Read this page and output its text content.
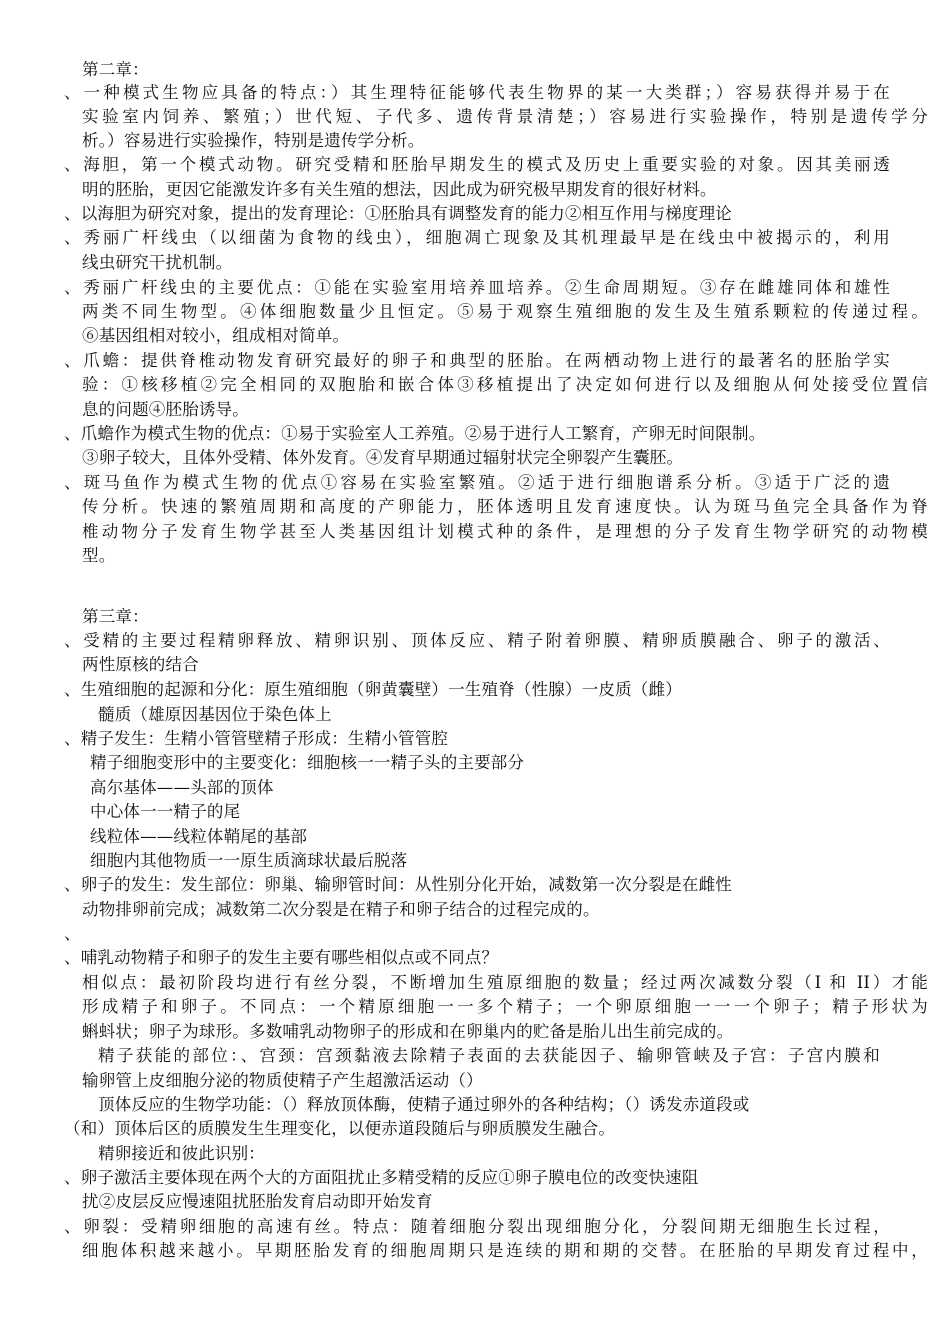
第二章：
、一种模式生物应具备的特点：）其生理特征能够代表生物界的某一大类群；）容易获得并易于在
实验室内饲养、繁殖；）世代短、子代多、遗传背景清楚；）容易进行实验操作，特别是遗传学分
析。）容易进行实验操作，特别是遗传学分析。
、海胆，第一个模式动物。研究受精和胚胎早期发生的模式及历史上重要实验的对象。因其美丽透
明的胚胎，更因它能激发许多有关生殖的想法，因此成为研究极早期发育的很好材料。
、以海胆为研究对象，提出的发育理论：①胚胎具有调整发育的能力②相互作用与梯度理论
、秀丽广杆线虫（以细菌为食物的线虫），细胞凋亡现象及其机理最早是在线虫中被揭示的，利用
线虫研究干扰机制。
、秀丽广杆线虫的主要优点：①能在实验室用培养皿培养。②生命周期短。③存在雌雄同体和雄性
两类不同生物型。④体细胞数量少且恒定。⑤易于观察生殖细胞的发生及生殖系颗粒的传递过程。
⑥基因组相对较小，组成相对简单。
、爪蟾：提供脊椎动物发育研究最好的卵子和典型的胚胎。在两栖动物上进行的最著名的胚胎学实
验：①核移植②完全相同的双胞胎和嵌合体③移植提出了决定如何进行以及细胞从何处接受位置信
息的问题④胚胎诱导。
、爪蟾作为模式生物的优点：①易于实验室人工养殖。②易于进行人工繁育，产卵无时间限制。
③卵子较大，且体外受精、体外发育。④发育早期通过辐射状完全卵裂产生囊胚。
、斑马鱼作为模式生物的优点①容易在实验室繁殖。②适于进行细胞谱系分析。③适于广泛的遗
传分析。快速的繁殖周期和高度的产卵能力，胚体透明且发育速度快。认为斑马鱼完全具备作为脊
椎动物分子发育生物学甚至人类基因组计划模式种的条件，是理想的分子发育生物学研究的动物模
型。
第三章：
、受精的主要过程精卵释放、精卵识别、顶体反应、精子附着卵膜、精卵质膜融合、卵子的激活、
两性原核的结合
、生殖细胞的起源和分化：原生殖细胞（卵黄囊壁）一生殖脊（性腺）一皮质（雌）
髓质（雄原因基因位于染色体上
、精子发生：生精小管管壁精子形成：生精小管管腔
精子细胞变形中的主要变化：细胞核一一精子头的主要部分
高尔基体——头部的顶体
中心体一一精子的尾
线粒体——线粒体鞘尾的基部
细胞内其他物质一一原生质滴球状最后脱落
、卵子的发生：发生部位：卵巢、输卵管时间：从性别分化开始，减数第一次分裂是在雌性
动物排卵前完成；减数第二次分裂是在精子和卵子结合的过程完成的。
、
、哺乳动物精子和卵子的发生主要有哪些相似点或不同点？
相似点：最初阶段均进行有丝分裂，不断增加生殖原细胞的数量；经过两次减数分裂（I 和 II）才能
形成精子和卵子。不同点：一个精原细胞一一多个精子；一个卵原细胞一一一个卵子；精子形状为
蝌蚪状；卵子为球形。多数哺乳动物卵子的形成和在卵巢内的贮备是胎儿出生前完成的。
精子获能的部位：、宫颈：宫颈黏液去除精子表面的去获能因子、输卵管峡及子宫：子宫内膜和
输卵管上皮细胞分泌的物质使精子产生超激活运动（）
顶体反应的生物学功能：（）释放顶体酶，使精子通过卵外的各种结构；（）诱发赤道段或
（和）顶体后区的质膜发生生理变化，以便赤道段随后与卵质膜发生融合。
精卵接近和彼此识别：
、卵子激活主要体现在两个大的方面阻扰止多精受精的反应①卵子膜电位的改变快速阻
扰②皮层反应慢速阻扰胚胎发育启动即开始发育
、卵裂：受精卵细胞的高速有丝。特点：随着细胞分裂出现细胞分化，分裂间期无细胞生长过程，
细胞体积越来越小。早期胚胎发育的细胞周期只是连续的期和期的交替。在胚胎的早期发育过程中，
